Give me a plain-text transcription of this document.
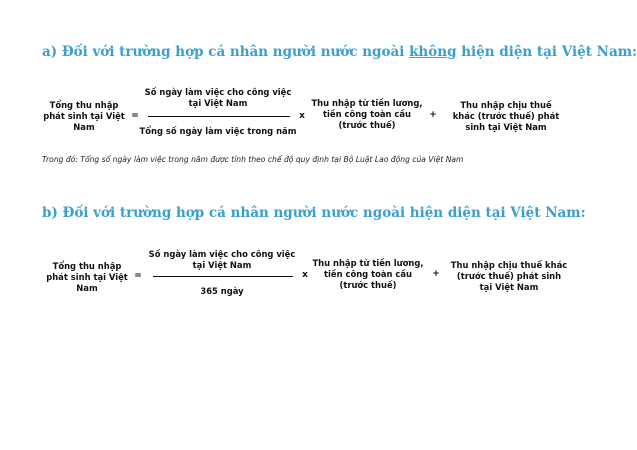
a) Đối với trường hợp cá nhân người nước ngoài không hiện diện tại Việt Nam:
Tổng thu nhập phát sinh tại Việt Nam
=
Số ngày làm việc cho công việc tại Việt Nam
Tổng số ngày làm việc trong năm
x
Thu nhập từ tiền lương, tiền công toàn cầu (trước thuế)
+
Thu nhập chịu thuế khác (trước thuế) phát sinh tại Việt Nam
Trong đó: Tổng số ngày làm việc trong năm được tính theo chế độ quy định tại Bộ Luật Lao động của Việt Nam
b) Đối với trường hợp cá nhân người nước ngoài hiện diện tại Việt Nam:
Tổng thu nhập phát sinh tại Việt Nam
=
Số ngày làm việc cho công việc tại Việt Nam
365 ngày
x
Thu nhập từ tiền lương, tiền công toàn cầu (trước thuế)
+
Thu nhập chịu thuế khác (trước thuế) phát sinh tại Việt Nam
